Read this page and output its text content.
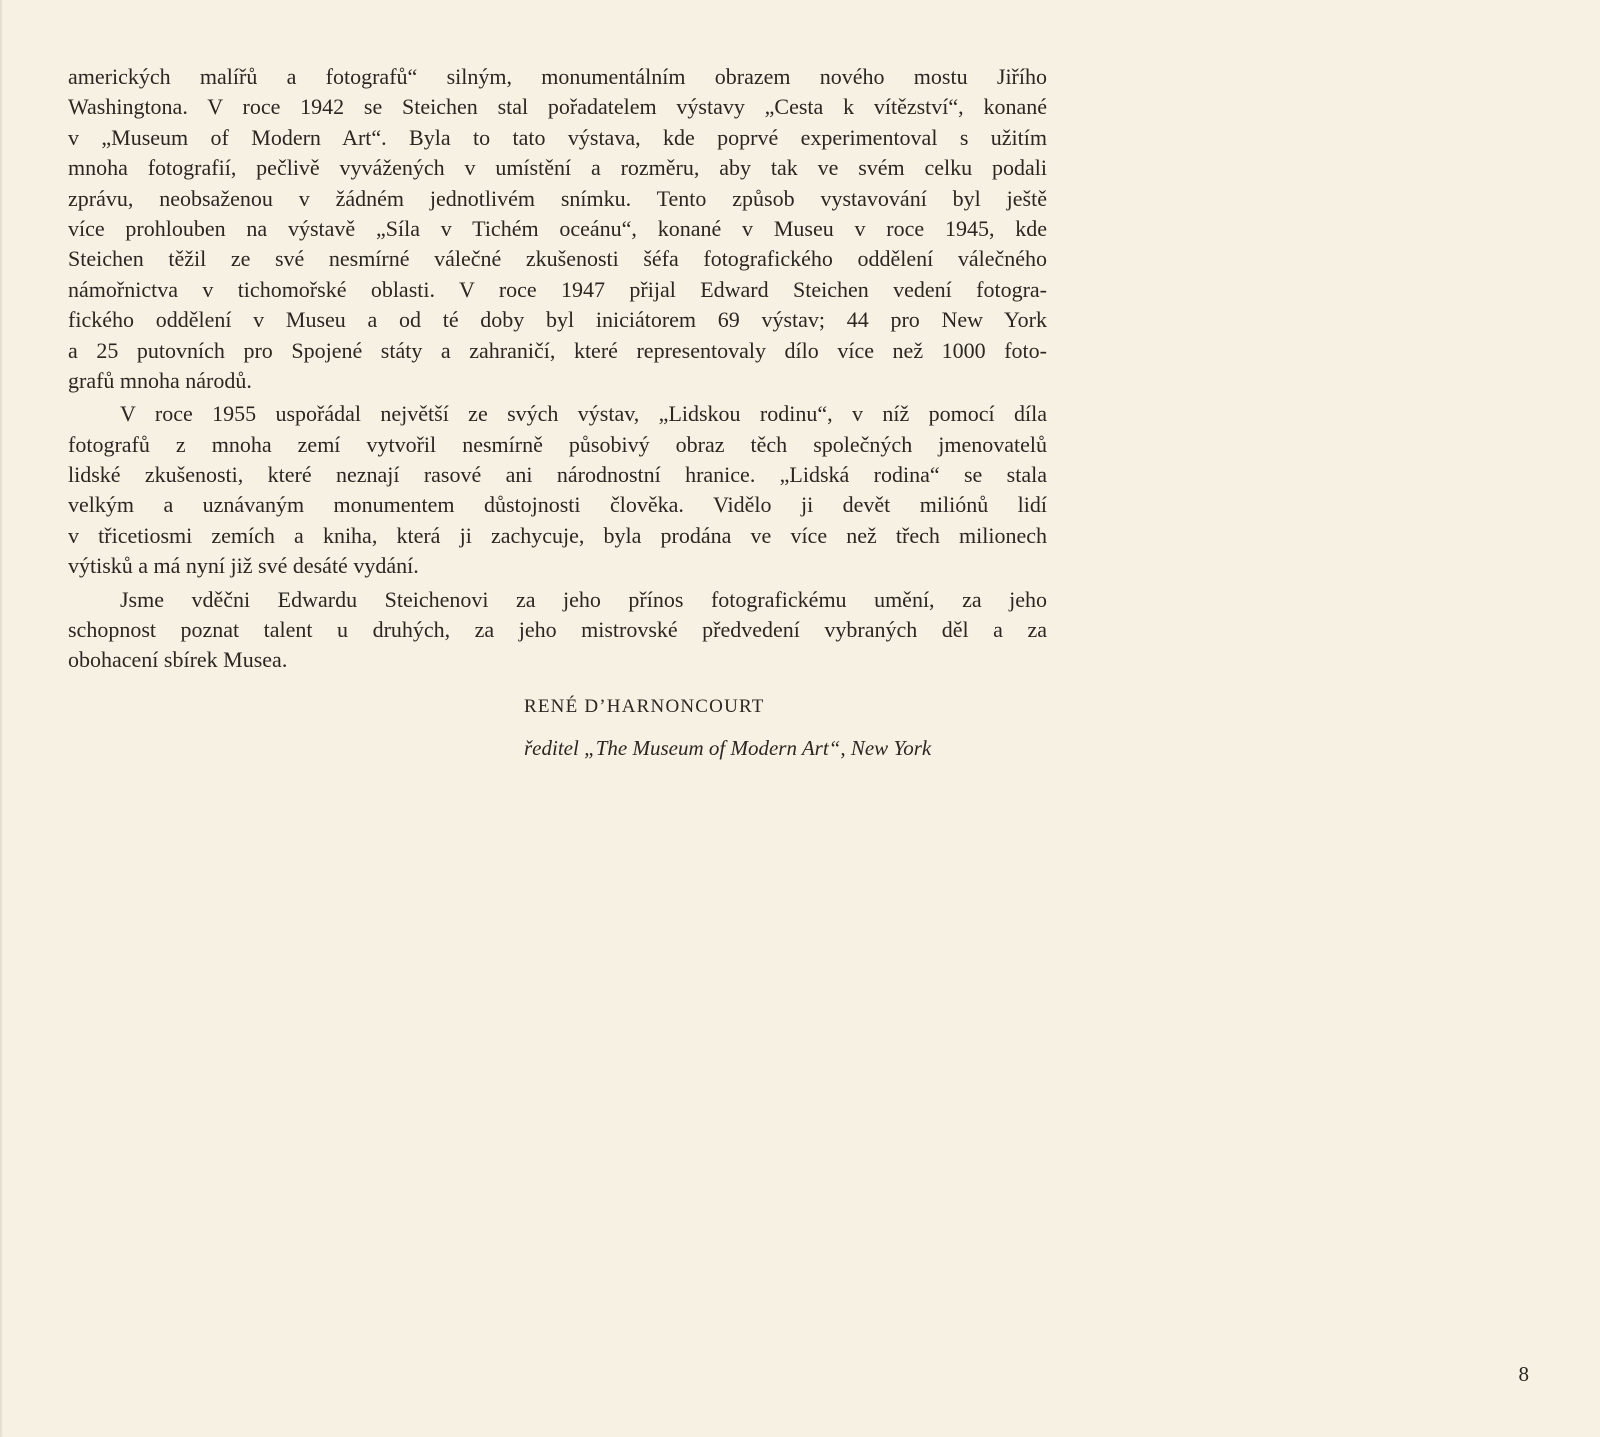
amerických malířů a fotografů“ silným, monumentálním obrazem nového mostu Jiřího
Washingtona. V roce 1942 se Steichen stal pořadatelem výstavy „Cesta k vítězství“, konané
v „Museum of Modern Art“. Byla to tato výstava, kde poprvé experimentoval s užitím
mnoha fotografií, pečlivě vyvážených v umístění a rozměru, aby tak ve svém celku podali
zprávu, neobsaženou v žádném jednotlivém snímku. Tento způsob vystavování byl ještě
více prohlouben na výstavě „Síla v Tichém oceánu“, konané v Museu v roce 1945, kde
Steichen těžil ze své nesmírné válečné zkušenosti šéfa fotografického oddělení válečného
námořnictva v tichomořské oblasti. V roce 1947 přijal Edward Steichen vedení fotogra-
fického oddělení v Museu a od té doby byl iniciátorem 69 výstav; 44 pro New York
a 25 putovních pro Spojené státy a zahraničí, které representovaly dílo více než 1000 foto-
grafů mnoha národů.
V roce 1955 uspořádal největší ze svých výstav, „Lidskou rodinu“, v níž pomocí díla
fotografů z mnoha zemí vytvořil nesmírně působivý obraz těch společných jmenovatelů
lidské zkušenosti, které neznají rasové ani národnostní hranice. „Lidská rodina“ se stala
velkým a uznávaným monumentem důstojnosti člověka. Vidělo ji devět miliónů lidí
v třicetiosmi zemích a kniha, která ji zachycuje, byla prodána ve více než třech milionech
výtisků a má nyní již své desáté vydání.
Jsme vděčni Edwardu Steichenovi za jeho přínos fotografickému umění, za jeho
schopnost poznat talent u druhých, za jeho mistrovské předvedení vybraných děl a za
obohacení sbírek Musea.
RENÉ D’HARNONCOURT
ředitel „The Museum of Modern Art“, New York
8
